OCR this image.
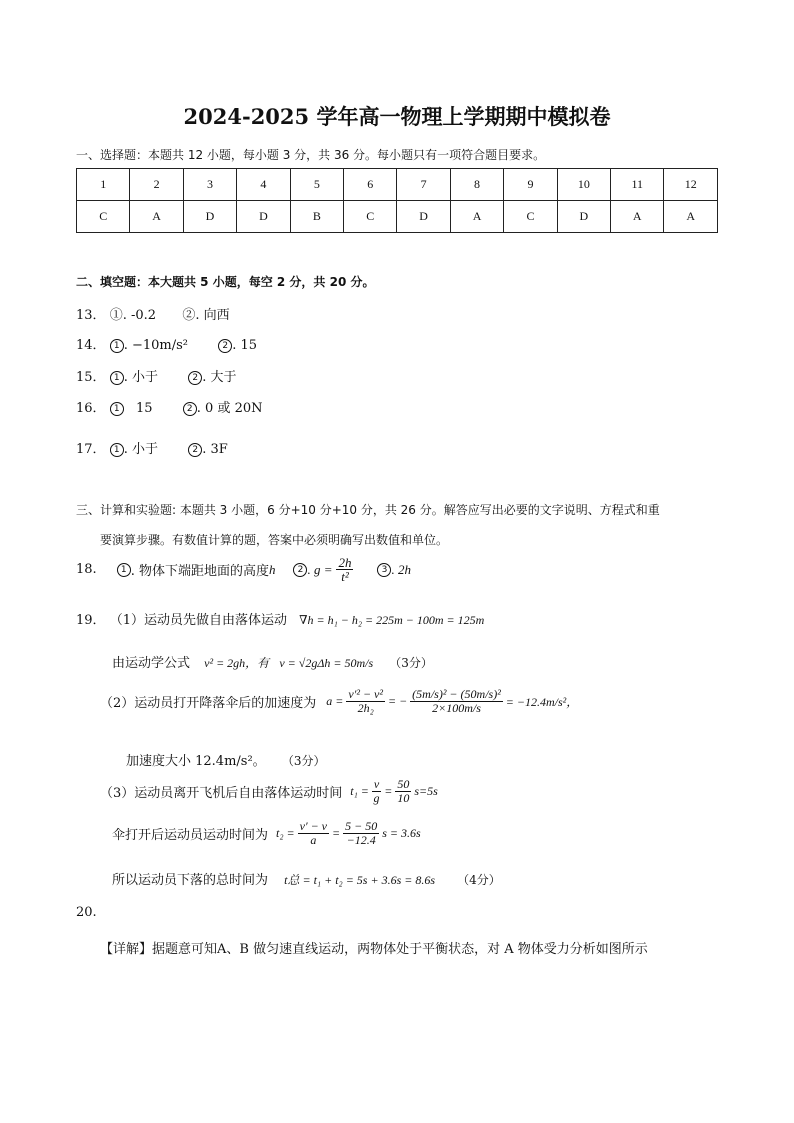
2024-2025 学年高一物理上学期期中模拟卷
一、选择题：本题共 12 小题，每小题 3 分，共 36 分。每小题只有一项符合题目要求。
1	2	3	4	5	6	7	8	9	10	11	12
C	A	D	D	B	C	D	A	C	D	A	A
二、填空题：本大题共 5 小题，每空 2 分，共 20 分。
13． ①. -0.2 ②. 向西
14． 1 . −10m/s²	2 . 15
15． 1 . 小于	2 . 大于
16． 1 15	2 . 0 或 20N
17． 1 . 小于	2 . 3F
三、计算和实验题: 本题共 3 小题，6 分+10 分+10 分，共 26 分。解答应写出必要的文字说明、方程式和重
要演算步骤。有数值计算的题，答案中必须明确写出数值和单位。
18.	1 . 物体下端距地面的高度 h	2 . $g = \frac{2h}{\text{t²}}$	3 . 2h
19． （1）运动员先做自由落体运动 ∇h = h₁ − h₂ = 225m − 100m = 125m
由运动学公式 v² = 2gh，有 v = √2gΔh = 50m/s （3分）
（2）运动员打开降落伞后的加速度为 $a = \frac{\text{v′² − v²}}{\text{2h₂}}$ = − $\frac{\text{(5m/s)² − (50m/s)²}}{2\times 100m/s} = -12.4m/s^2$，
加速度大小 12.4m/s²。 （3分）
（3）运动员离开飞机后自由落体运动时间 $t_1 = \frac{v}{g} = \frac{50}{10} s=5s$
伞打开后运动员运动时间为 $t_2 = \frac{v' - v}{a} = \frac{5 - 50}{-12.4}$ s = 3.6s
所以运动员下落的总时间为 t总 = t₁ + t₂ = 5s + 3.6s = 8.6s （4分）
20.
【详解】据题意可知A、B 做匀速直线运动，两物体处于平衡状态，对 A 物体受力分析如图所示
